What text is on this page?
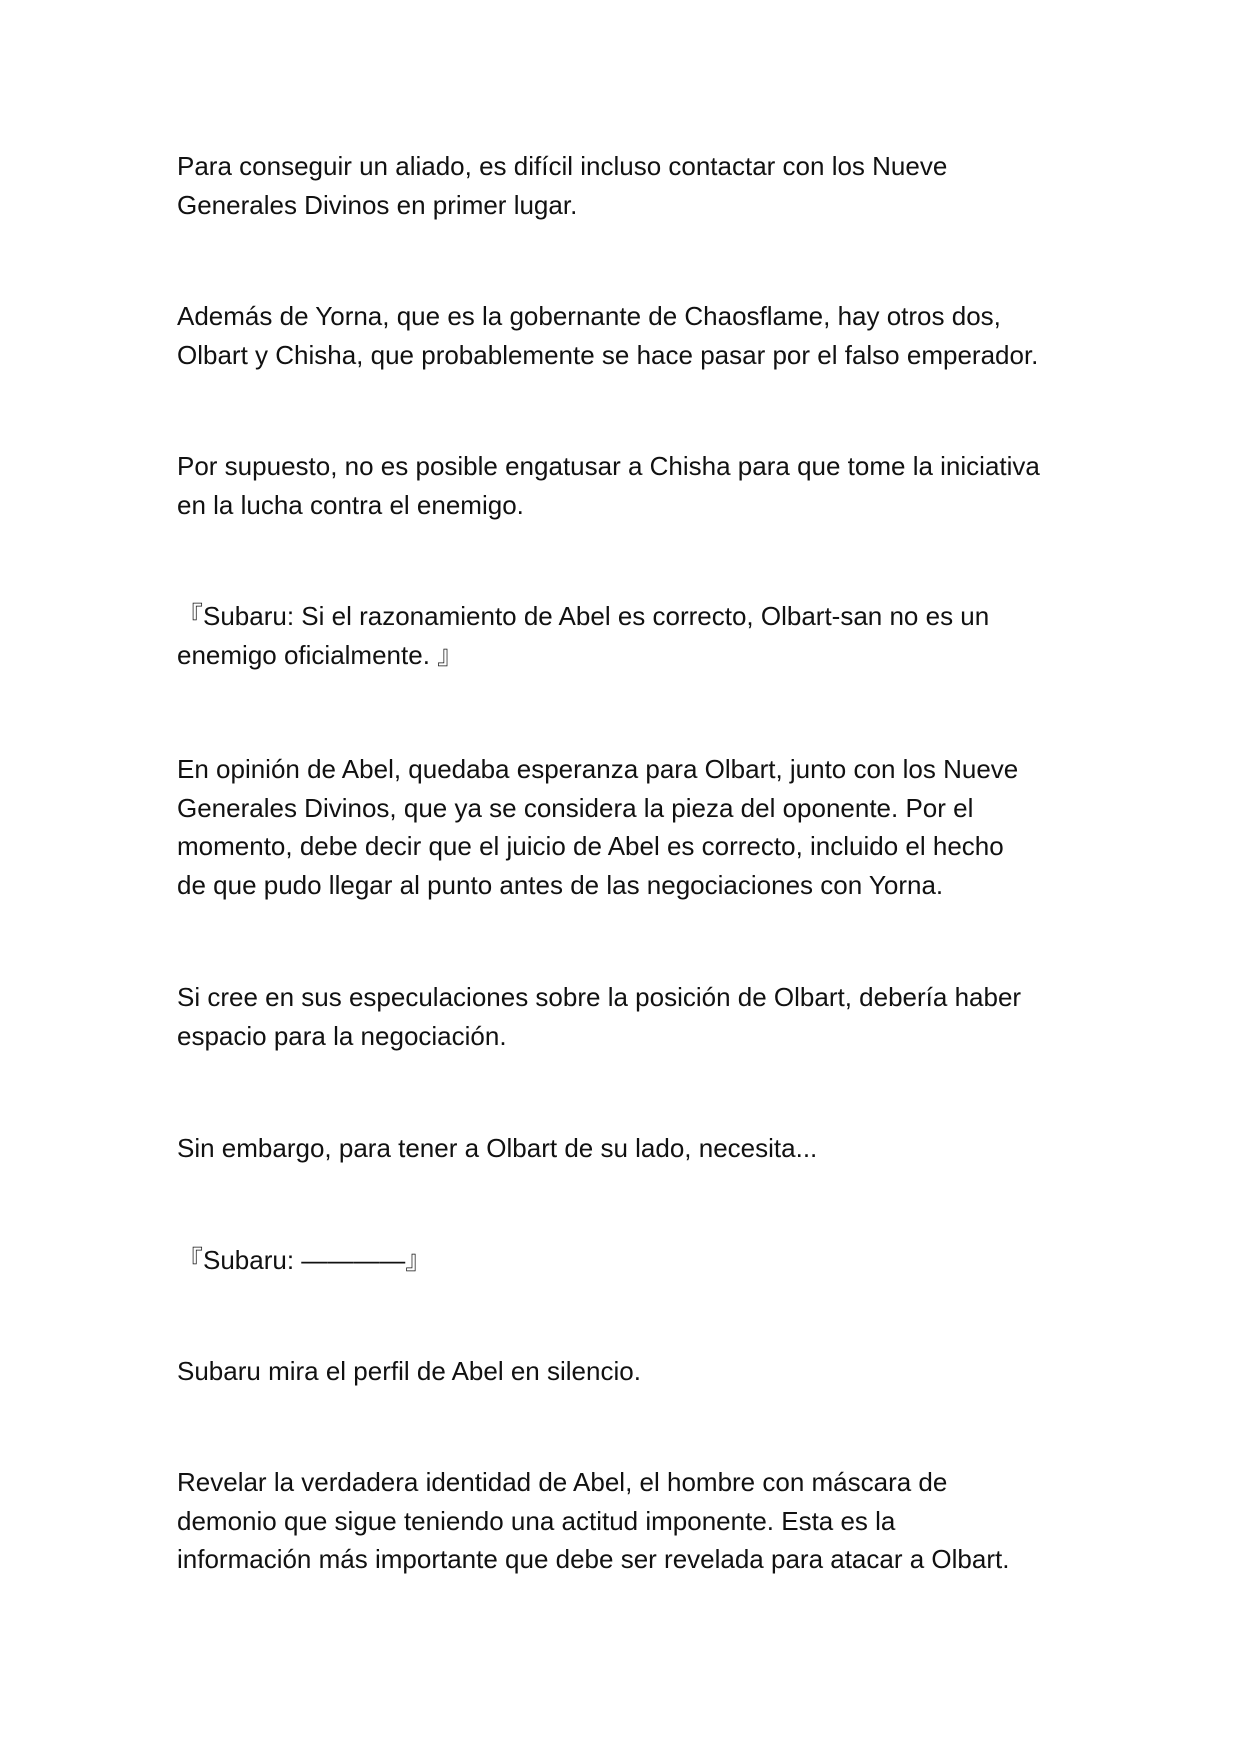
Para conseguir un aliado, es difícil incluso contactar con los Nueve
Generales Divinos en primer lugar.

Además de Yorna, que es la gobernante de Chaosflame, hay otros dos,
Olbart y Chisha, que probablemente se hace pasar por el falso emperador.

Por supuesto, no es posible engatusar a Chisha para que tome la iniciativa
en la lucha contra el enemigo.

『Subaru: Si el razonamiento de Abel es correcto, Olbart-san no es un
enemigo oficialmente. 』

En opinión de Abel, quedaba esperanza para Olbart, junto con los Nueve
Generales Divinos, que ya se considera la pieza del oponente. Por el
momento, debe decir que el juicio de Abel es correcto, incluido el hecho
de que pudo llegar al punto antes de las negociaciones con Yorna.

Si cree en sus especulaciones sobre la posición de Olbart, debería haber
espacio para la negociación.

Sin embargo, para tener a Olbart de su lado, necesita...

『Subaru: ————』

Subaru mira el perfil de Abel en silencio.

Revelar la verdadera identidad de Abel, el hombre con máscara de
demonio que sigue teniendo una actitud imponente. Esta es la
información más importante que debe ser revelada para atacar a Olbart.
